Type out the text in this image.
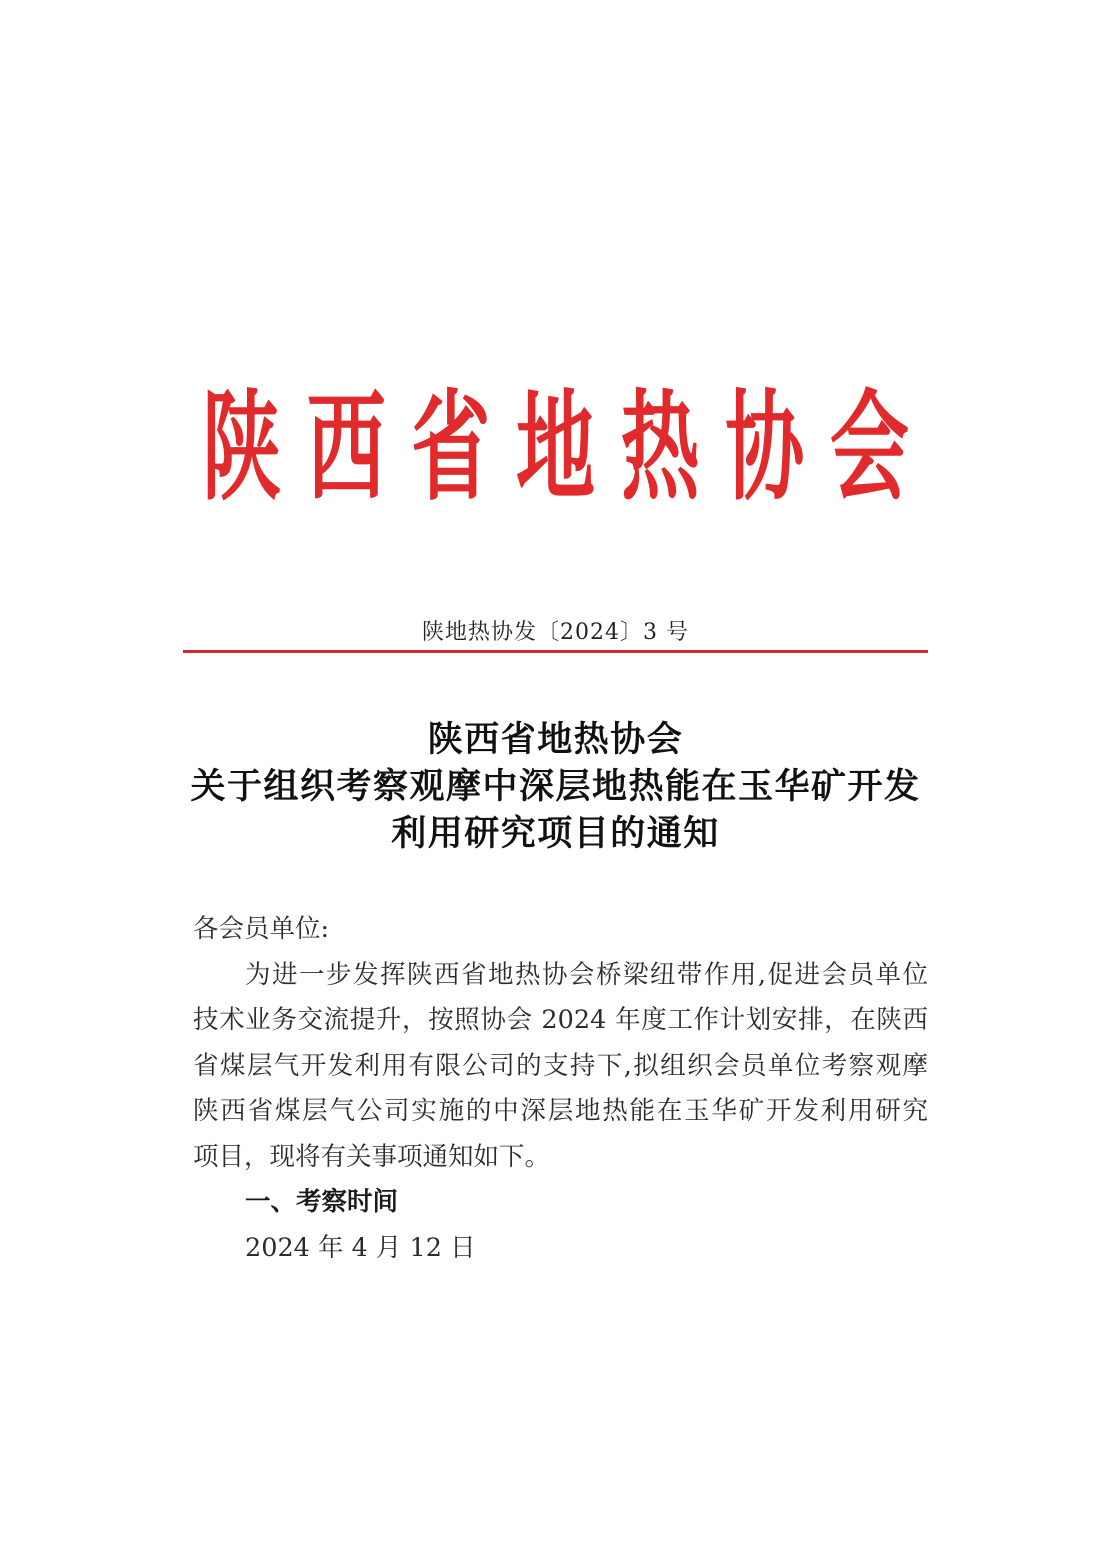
陕西省地热协会
陕地热协发〔2024〕3 号
陕西省地热协会
关于组织考察观摩中深层地热能在玉华矿开发
利用研究项目的通知
各会员单位:
为进一步发挥陕西省地热协会桥梁纽带作用,促进会员单位
技术业务交流提升，按照协会 2024 年度工作计划安排，在陕西
省煤层气开发利用有限公司的支持下,拟组织会员单位考察观摩
陕西省煤层气公司实施的中深层地热能在玉华矿开发利用研究
项目，现将有关事项通知如下。
一、考察时间
2024 年 4 月 12 日
